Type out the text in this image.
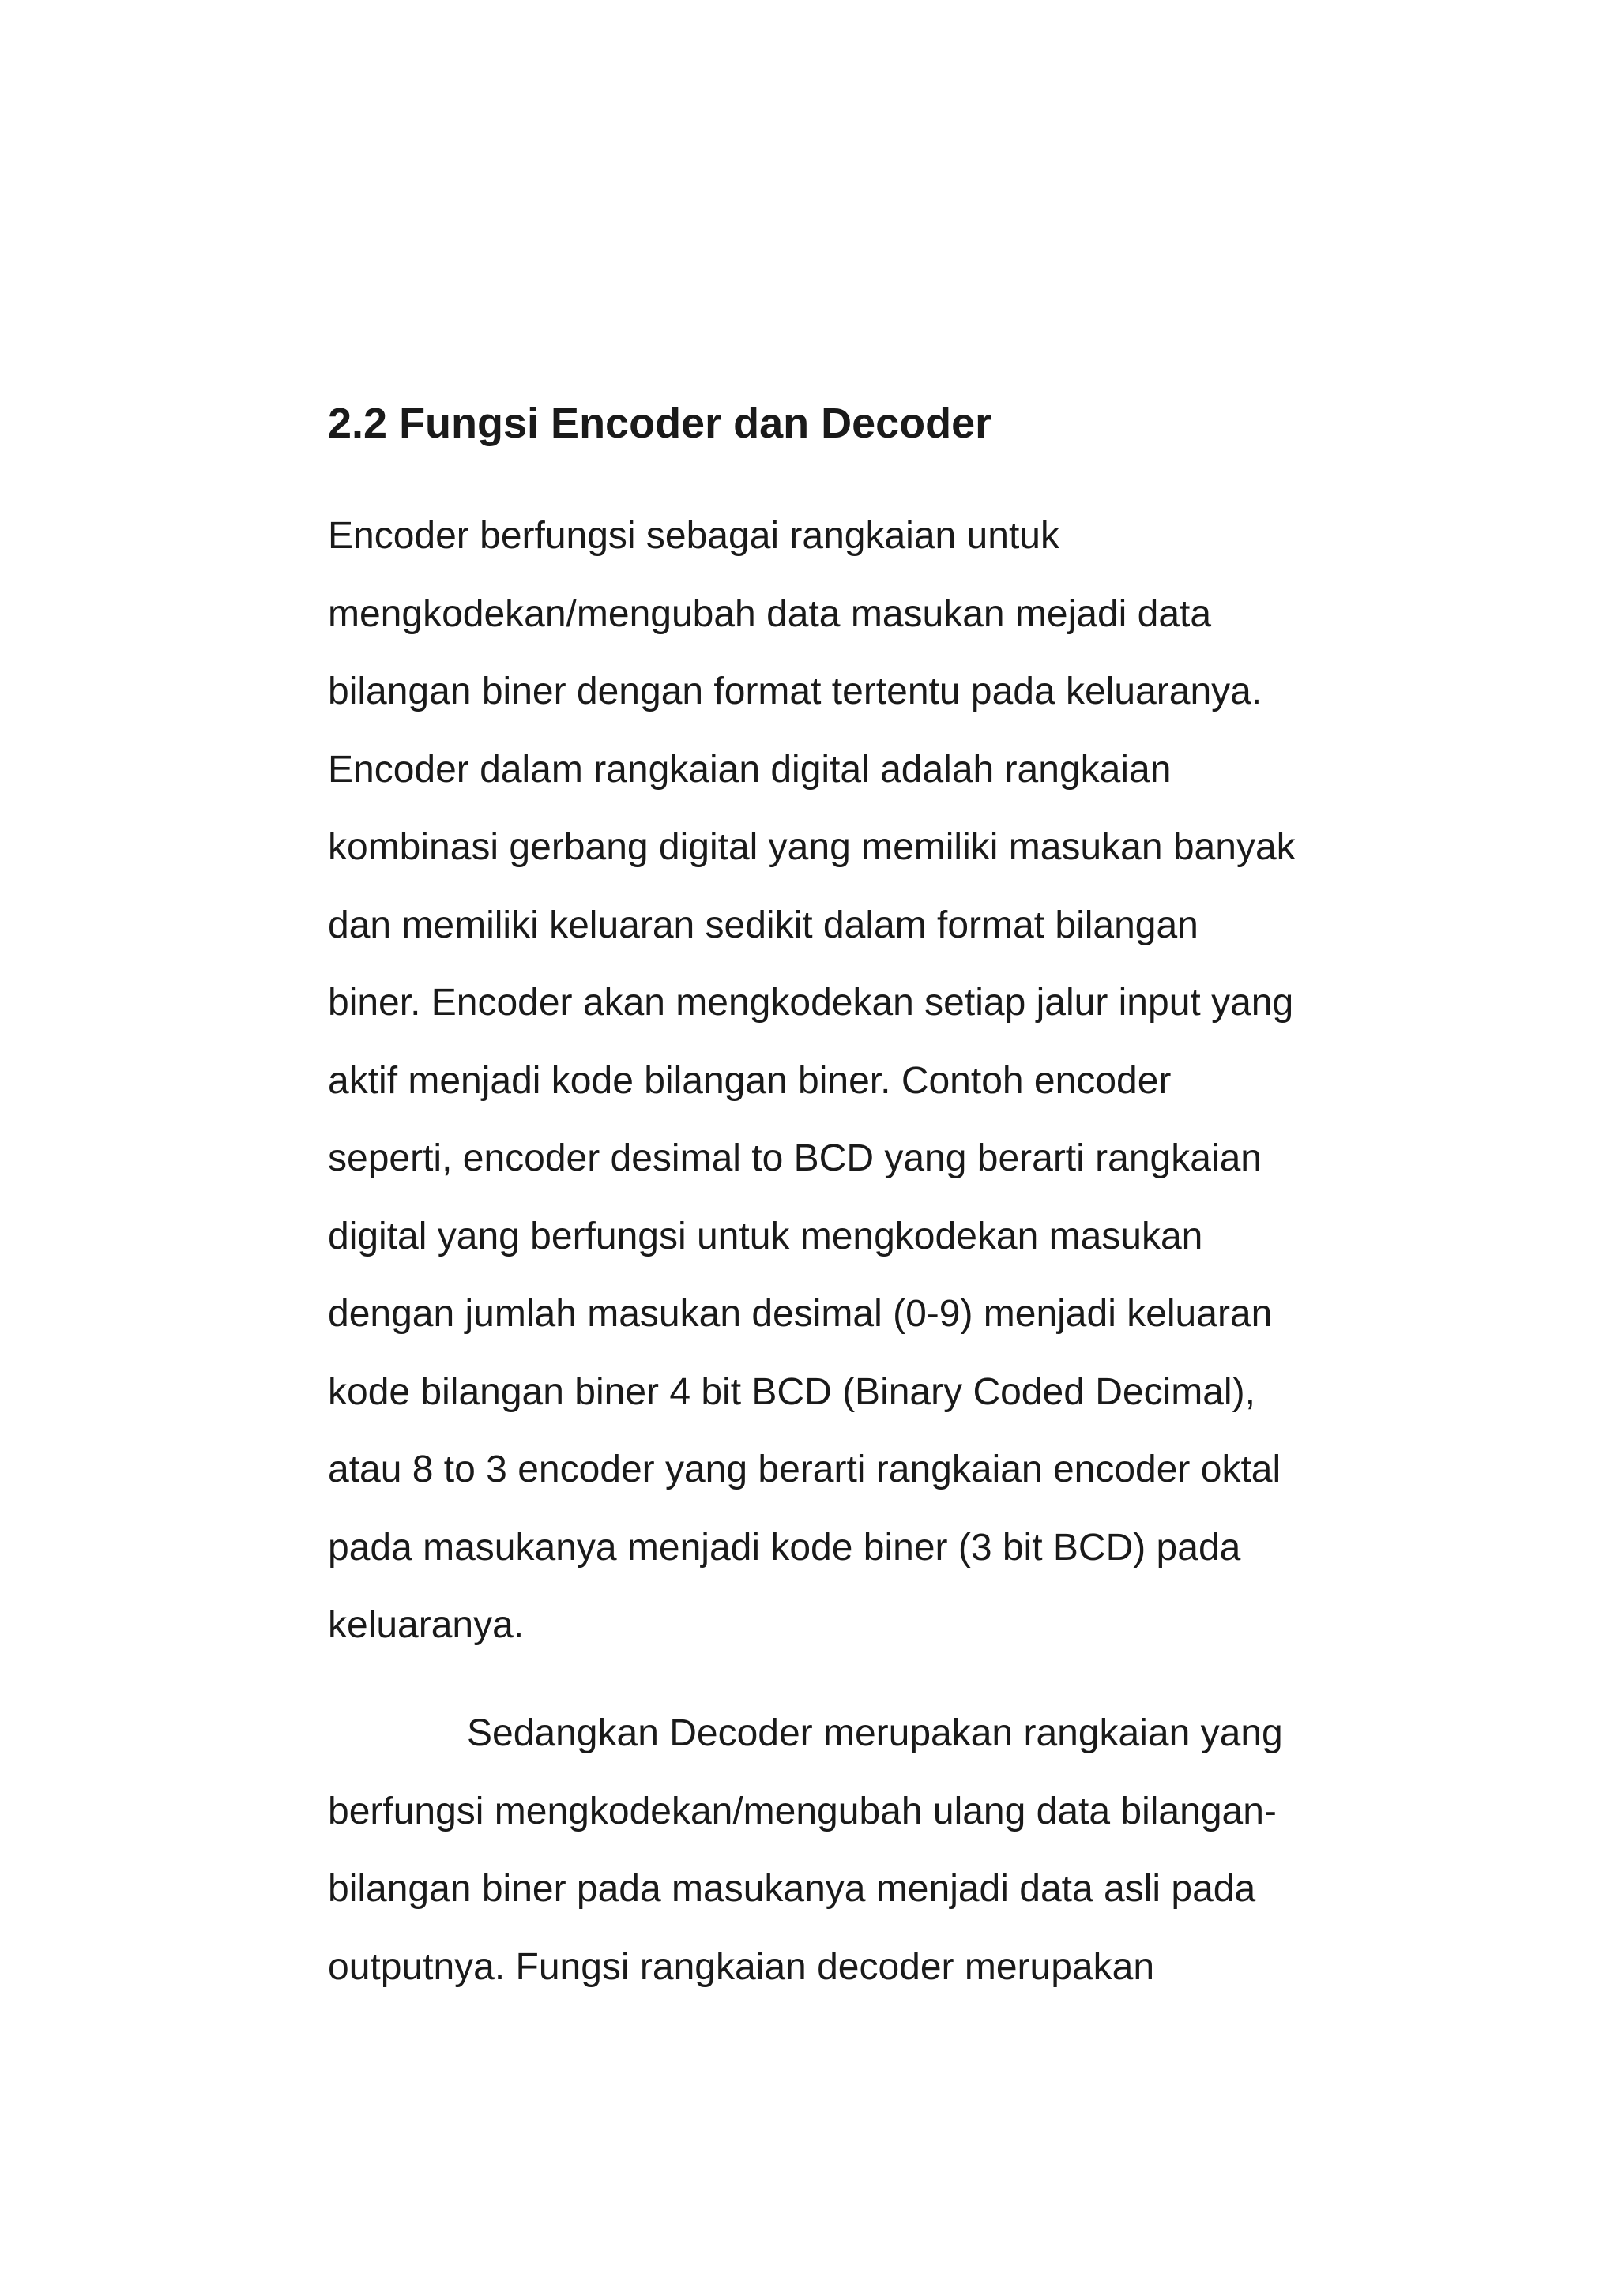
2.2 Fungsi Encoder dan Decoder

Encoder berfungsi sebagai rangkaian untuk
mengkodekan/mengubah data masukan mejadi data
bilangan biner dengan format tertentu pada keluaranya.
Encoder dalam rangkaian digital adalah rangkaian
kombinasi gerbang digital yang memiliki masukan banyak
dan memiliki keluaran sedikit dalam format bilangan
biner. Encoder akan mengkodekan setiap jalur input yang
aktif menjadi kode bilangan biner. Contoh encoder
seperti, encoder desimal to BCD yang berarti rangkaian
digital yang berfungsi untuk mengkodekan masukan
dengan jumlah masukan desimal (0-9) menjadi keluaran
kode bilangan biner 4 bit BCD (Binary Coded Decimal),
atau 8 to 3 encoder yang berarti rangkaian encoder oktal
pada masukanya menjadi kode biner (3 bit BCD) pada
keluaranya.

Sedangkan Decoder merupakan rangkaian yang
berfungsi mengkodekan/mengubah ulang data bilangan-
bilangan biner pada masukanya menjadi data asli pada
outputnya. Fungsi rangkaian decoder merupakan
